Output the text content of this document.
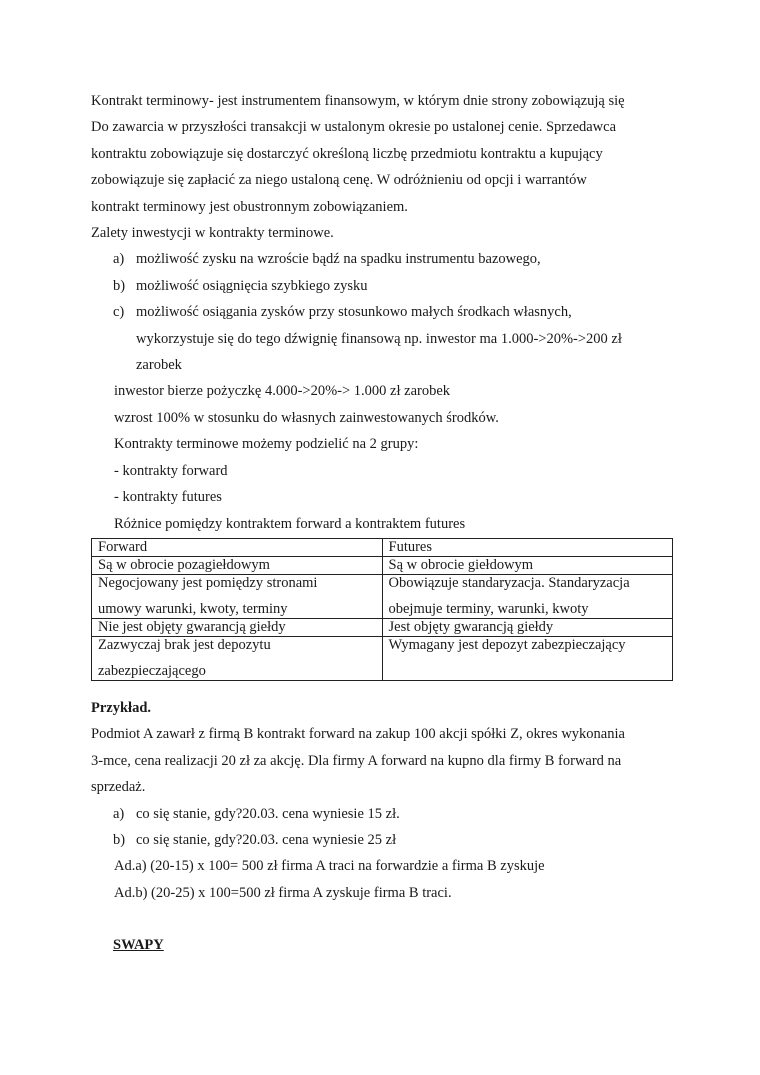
Kontrakt terminowy- jest instrumentem finansowym, w którym dnie strony zobowiązują się
Do zawarcia w przyszłości transakcji w ustalonym okresie po ustalonej cenie. Sprzedawca
kontraktu zobowiązuje się dostarczyć określoną liczbę przedmiotu kontraktu a kupujący
zobowiązuje się zapłacić za niego ustaloną cenę. W odróżnieniu od opcji i warrantów
kontrakt terminowy jest obustronnym zobowiązaniem.
Zalety inwestycji w kontrakty terminowe.
a) możliwość zysku na wzroście bądź na spadku instrumentu bazowego,
b) możliwość osiągnięcia szybkiego zysku
c) możliwość osiągania zysków przy stosunkowo małych środkach własnych,
wykorzystuje się do tego dźwignię finansową np. inwestor ma 1.000->20%->200 zł
zarobek
inwestor bierze pożyczkę 4.000->20%-> 1.000 zł zarobek
wzrost 100% w stosunku do własnych zainwestowanych środków.
Kontrakty terminowe możemy podzielić na 2 grupy:
- kontrakty forward
- kontrakty futures
Różnice pomiędzy kontraktem forward a kontraktem futures
Forward	Futures

Są w obrocie pozagiełdowym	Są w obrocie giełdowym

Negocjowany jest pomiędzy stronami
umowy warunki, kwoty, terminy	Obowiązuje standaryzacja. Standaryzacja
obejmuje terminy, warunki, kwoty

Nie jest objęty gwarancją giełdy	Jest objęty gwarancją giełdy

Zazwyczaj brak jest depozytu
zabezpieczającego	Wymagany jest depozyt zabezpieczający
Przykład.
Podmiot A zawarł z firmą B kontrakt forward na zakup 100 akcji spółki Z, okres wykonania
3-mce, cena realizacji 20 zł za akcję. Dla firmy A forward na kupno dla firmy B forward na
sprzedaż.
a) co się stanie, gdy?20.03. cena wyniesie 15 zł.
b) co się stanie, gdy?20.03. cena wyniesie 25 zł
Ad.a) (20-15) x 100= 500 zł firma A traci na forwardzie a firma B zyskuje
Ad.b) (20-25) x 100=500 zł firma A zyskuje firma B traci.
SWAPY
